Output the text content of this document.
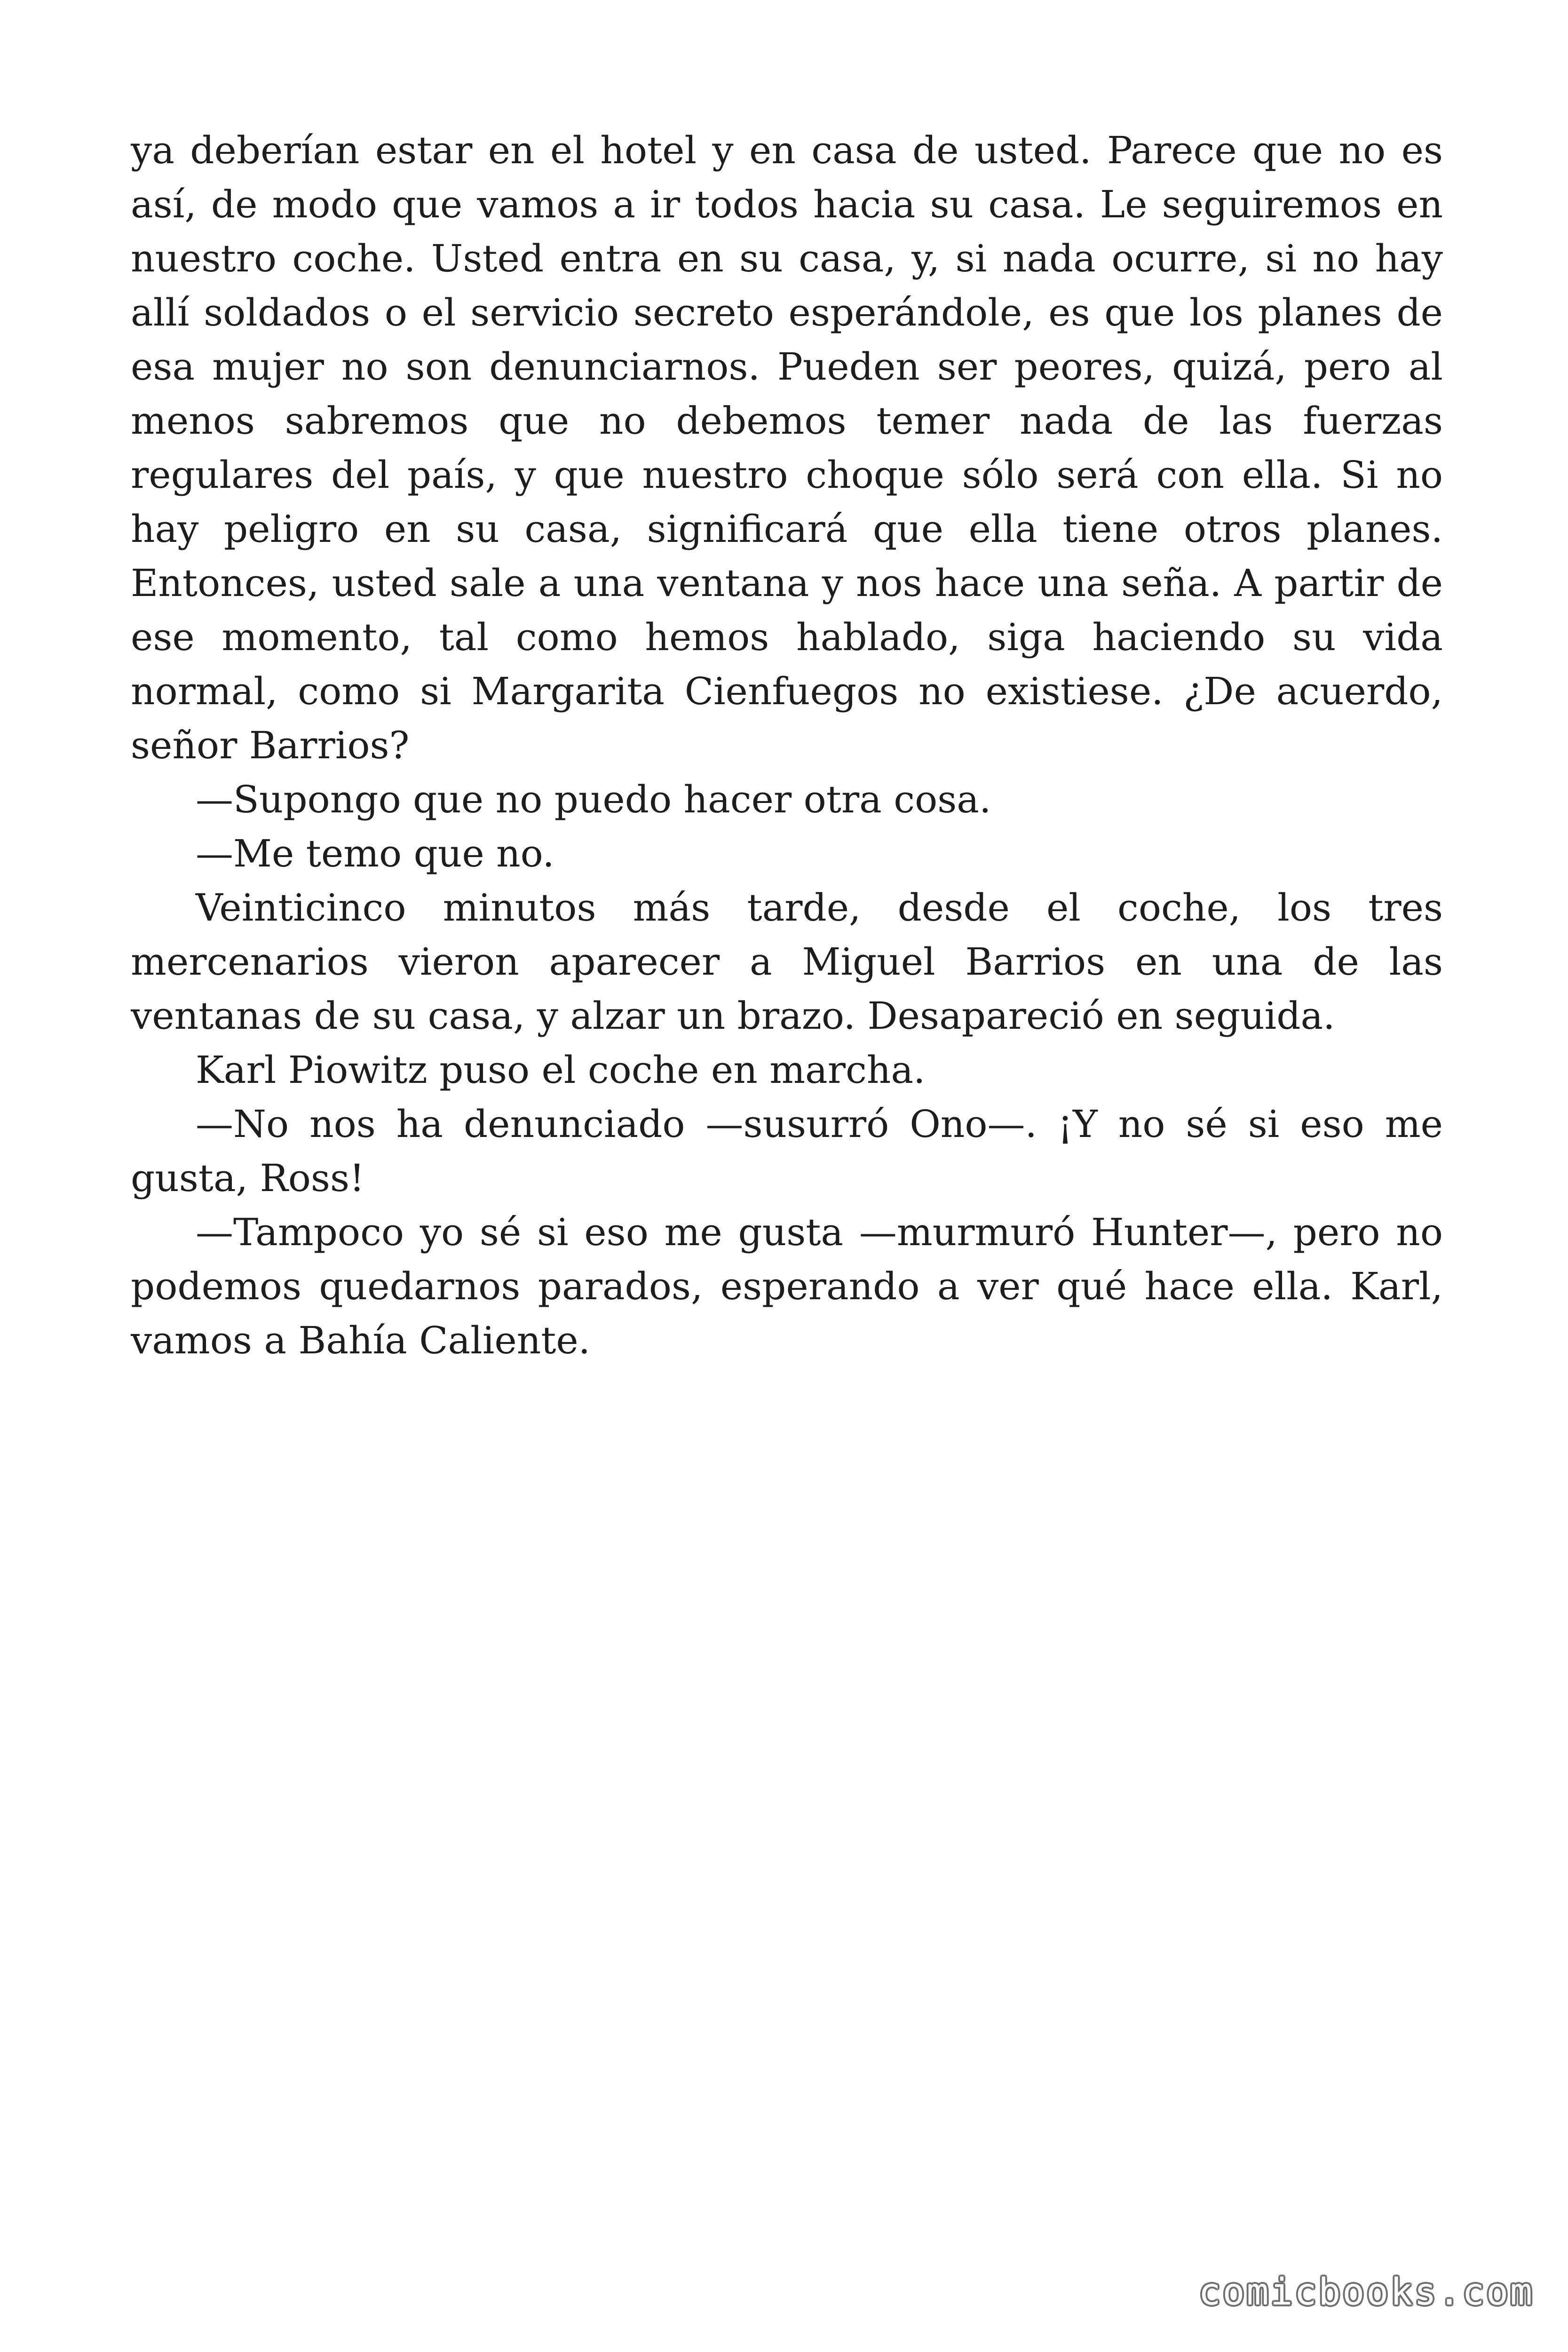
ya deberían estar en el hotel y en casa de usted. Parece que no es así, de modo que vamos a ir todos hacia su casa. Le seguiremos en nuestro coche. Usted entra en su casa, y, si nada ocurre, si no hay allí soldados o el servicio secreto esperándole, es que los planes de esa mujer no son denunciarnos. Pueden ser peores, quizá, pero al menos sabremos que no debemos temer nada de las fuerzas regulares del país, y que nuestro choque sólo será con ella. Si no hay peligro en su casa, significará que ella tiene otros planes. Entonces, usted sale a una ventana y nos hace una seña. A partir de ese momento, tal como hemos hablado, siga haciendo su vida normal, como si Margarita Cienfuegos no existiese. ¿De acuerdo, señor Barrios?

—Supongo que no puedo hacer otra cosa.

—Me temo que no.

Veinticinco minutos más tarde, desde el coche, los tres mercenarios vieron aparecer a Miguel Barrios en una de las ventanas de su casa, y alzar un brazo. Desapareció en seguida.

Karl Piowitz puso el coche en marcha.

—No nos ha denunciado —susurró Ono—. ¡Y no sé si eso me gusta, Ross!

—Tampoco yo sé si eso me gusta —murmuró Hunter—, pero no podemos quedarnos parados, esperando a ver qué hace ella. Karl, vamos a Bahía Caliente.

comicbooks.com
